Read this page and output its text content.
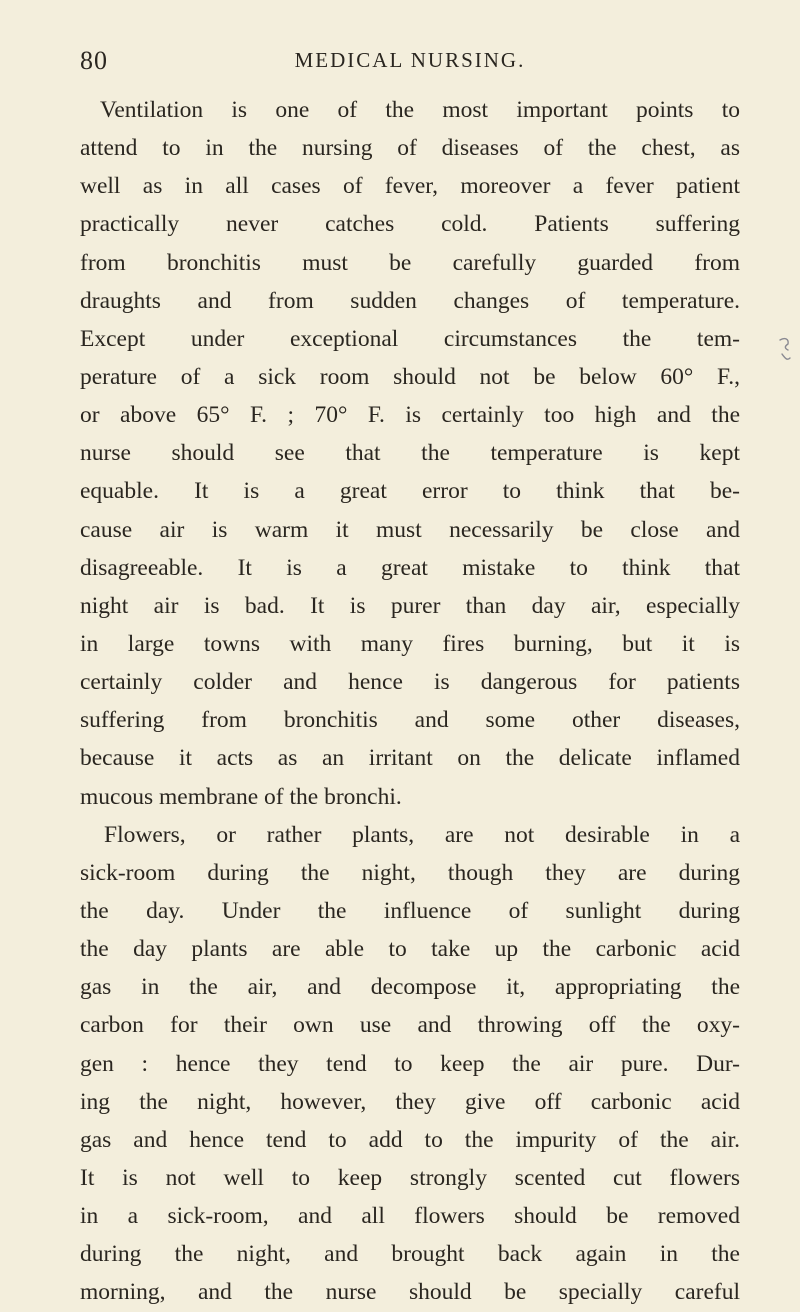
80	MEDICAL NURSING.
Ventilation is one of the most important points to
attend to in the nursing of diseases of the chest, as
well as in all cases of fever, moreover a fever patient
practically never catches cold. Patients suffering
from bronchitis must be carefully guarded from
draughts and from sudden changes of temperature.
Except under exceptional circumstances the tem-
perature of a sick room should not be below 60° F.,
or above 65° F. ; 70° F. is certainly too high and the
nurse should see that the temperature is kept
equable. It is a great error to think that be-
cause air is warm it must necessarily be close and
disagreeable. It is a great mistake to think that
night air is bad. It is purer than day air, especially
in large towns with many fires burning, but it is
certainly colder and hence is dangerous for patients
suffering from bronchitis and some other diseases,
because it acts as an irritant on the delicate inflamed
mucous membrane of the bronchi.
Flowers, or rather plants, are not desirable in a
sick-room during the night, though they are during
the day. Under the influence of sunlight during
the day plants are able to take up the carbonic acid
gas in the air, and decompose it, appropriating the
carbon for their own use and throwing off the oxy-
gen : hence they tend to keep the air pure. Dur-
ing the night, however, they give off carbonic acid
gas and hence tend to add to the impurity of the air.
It is not well to keep strongly scented cut flowers
in a sick-room, and all flowers should be removed
during the night, and brought back again in the
morning, and the nurse should be specially careful
